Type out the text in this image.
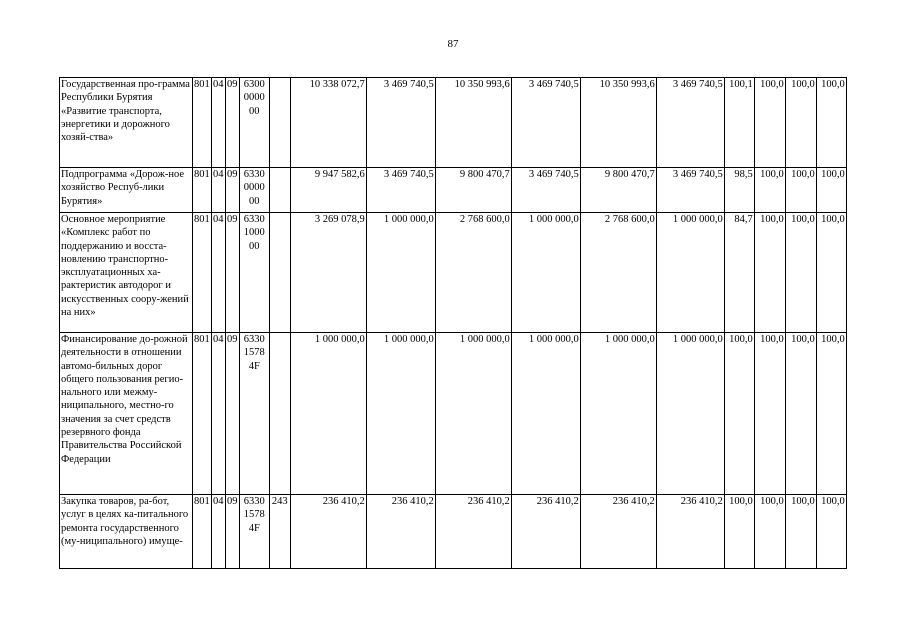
87
Государственная про-граммa Республики Бурятия «Развитие транспорта, энергетики и дорожного хозяй-ства»	801	04	09	6300 0000 00		10 338 072,7	3 469 740,5	10 350 993,6	3 469 740,5	10 350 993,6	3 469 740,5	100,1	100,0	100,0	100,0
Подпрограмма «Дорож-ное хозяйство Респуб-лики Бурятия»	801	04	09	6330 0000 00		9 947 582,6	3 469 740,5	9 800 470,7	3 469 740,5	9 800 470,7	3 469 740,5	98,5	100,0	100,0	100,0
Основное мероприятие «Комплекс работ по поддержанию и восста-новлению транспортно-эксплуатационных ха-рактеристик автодорог и искусственных соору-жений на них»	801	04	09	6330 1000 00		3 269 078,9	1 000 000,0	2 768 600,0	1 000 000,0	2 768 600,0	1 000 000,0	84,7	100,0	100,0	100,0
Финансирование до-рожной деятельности в отношении автомо-бильных дорог общего пользования регио-нального или межму-ниципального, местно-го значения за счет средств резервного фонда Правительства Российской Федерации	801	04	09	6330 1578 4F		1 000 000,0	1 000 000,0	1 000 000,0	1 000 000,0	1 000 000,0	1 000 000,0	100,0	100,0	100,0	100,0
Закупка товаров, ра-бот, услуг в целях ка-питального ремонта государственного (му-ниципального) имуще-	801	04	09	6330 1578 4F	243	236 410,2	236 410,2	236 410,2	236 410,2	236 410,2	236 410,2	100,0	100,0	100,0	100,0
